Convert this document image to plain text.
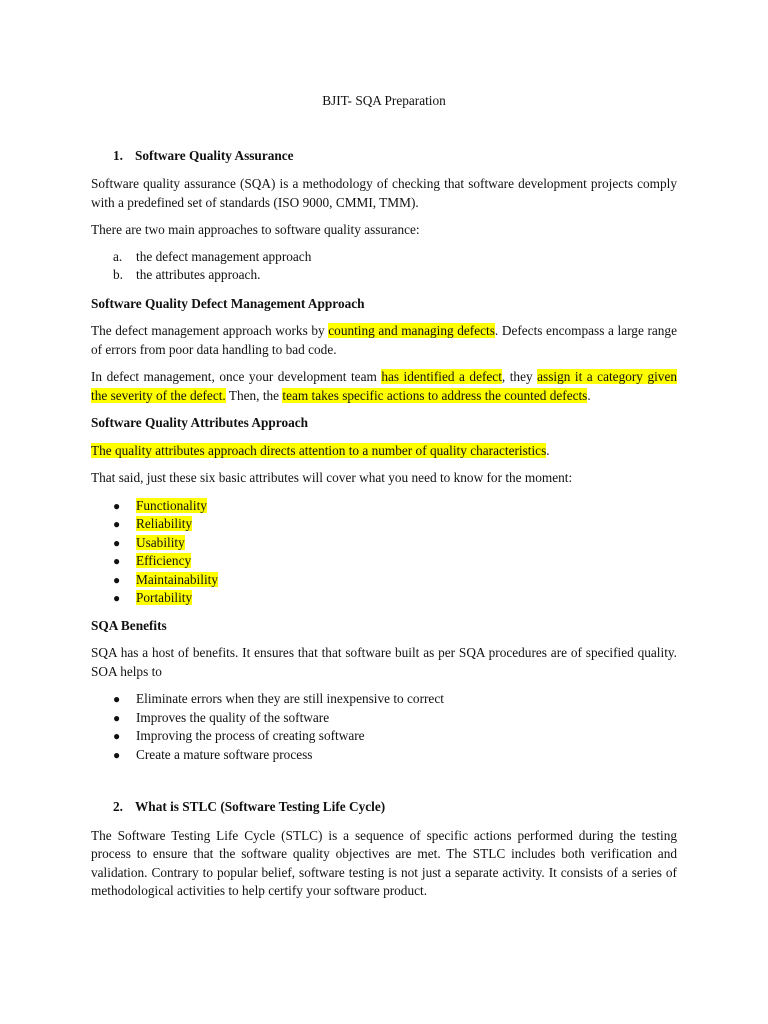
BJIT- SQA Preparation

1. Software Quality Assurance

Software quality assurance (SQA) is a methodology of checking that software development projects comply with a predefined set of standards (ISO 9000, CMMI, TMM).

There are two main approaches to software quality assurance:

a. the defect management approach
b. the attributes approach.

Software Quality Defect Management Approach

The defect management approach works by counting and managing defects. Defects encompass a large range of errors from poor data handling to bad code.

In defect management, once your development team has identified a defect, they assign it a category given the severity of the defect. Then, the team takes specific actions to address the counted defects.

Software Quality Attributes Approach

The quality attributes approach directs attention to a number of quality characteristics.

That said, just these six basic attributes will cover what you need to know for the moment:

● Functionality
● Reliability
● Usability
● Efficiency
● Maintainability
● Portability

SQA Benefits

SQA has a host of benefits. It ensures that that software built as per SQA procedures are of specified quality. SOA helps to

● Eliminate errors when they are still inexpensive to correct
● Improves the quality of the software
● Improving the process of creating software
● Create a mature software process

2. What is STLC (Software Testing Life Cycle)

The Software Testing Life Cycle (STLC) is a sequence of specific actions performed during the testing process to ensure that the software quality objectives are met. The STLC includes both verification and validation. Contrary to popular belief, software testing is not just a separate activity. It consists of a series of methodological activities to help certify your software product.
